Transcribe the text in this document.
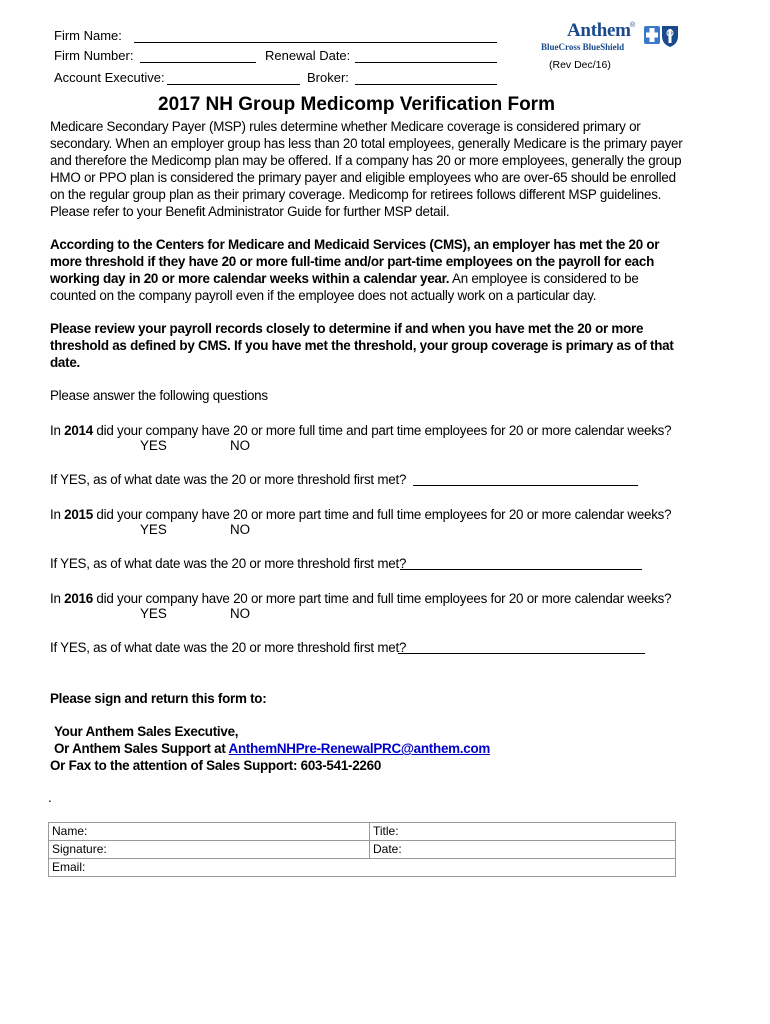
Firm Name:
Firm Number:	Renewal Date:
Account Executive:	Broker:
Anthem ®
BlueCross BlueShield
(Rev Dec/16)
2017 NH Group Medicomp Verification Form
Medicare Secondary Payer (MSP) rules determine whether Medicare coverage is considered primary or secondary. When an employer group has less than 20 total employees, generally Medicare is the primary payer and therefore the Medicomp plan may be offered. If a company has 20 or more employees, generally the group HMO or PPO plan is considered the primary payer and eligible employees who are over-65 should be enrolled on the regular group plan as their primary coverage. Medicomp for retirees follows different MSP guidelines. Please refer to your Benefit Administrator Guide for further MSP detail.
According to the Centers for Medicare and Medicaid Services (CMS), an employer has met the 20 or more threshold if they have 20 or more full-time and/or part-time employees on the payroll for each working day in 20 or more calendar weeks within a calendar year. An employee is considered to be counted on the company payroll even if the employee does not actually work on a particular day.
Please review your payroll records closely to determine if and when you have met the 20 or more threshold as defined by CMS. If you have met the threshold, your group coverage is primary as of that date.
Please answer the following questions
In 2014 did your company have 20 or more full time and part time employees for 20 or more calendar weeks?
YES	NO
If YES, as of what date was the 20 or more threshold first met?
In 2015 did your company have 20 or more part time and full time employees for 20 or more calendar weeks?
YES	NO
If YES, as of what date was the 20 or more threshold first met?
In 2016 did your company have 20 or more part time and full time employees for 20 or more calendar weeks?
YES	NO
If YES, as of what date was the 20 or more threshold first met?
Please sign and return this form to:
Your Anthem Sales Executive,
Or Anthem Sales Support at AnthemNHPre-RenewalPRC@anthem.com
Or Fax to the attention of Sales Support: 603-541-2260
.
Name:	Title:
Signature:	Date:
Email:	
